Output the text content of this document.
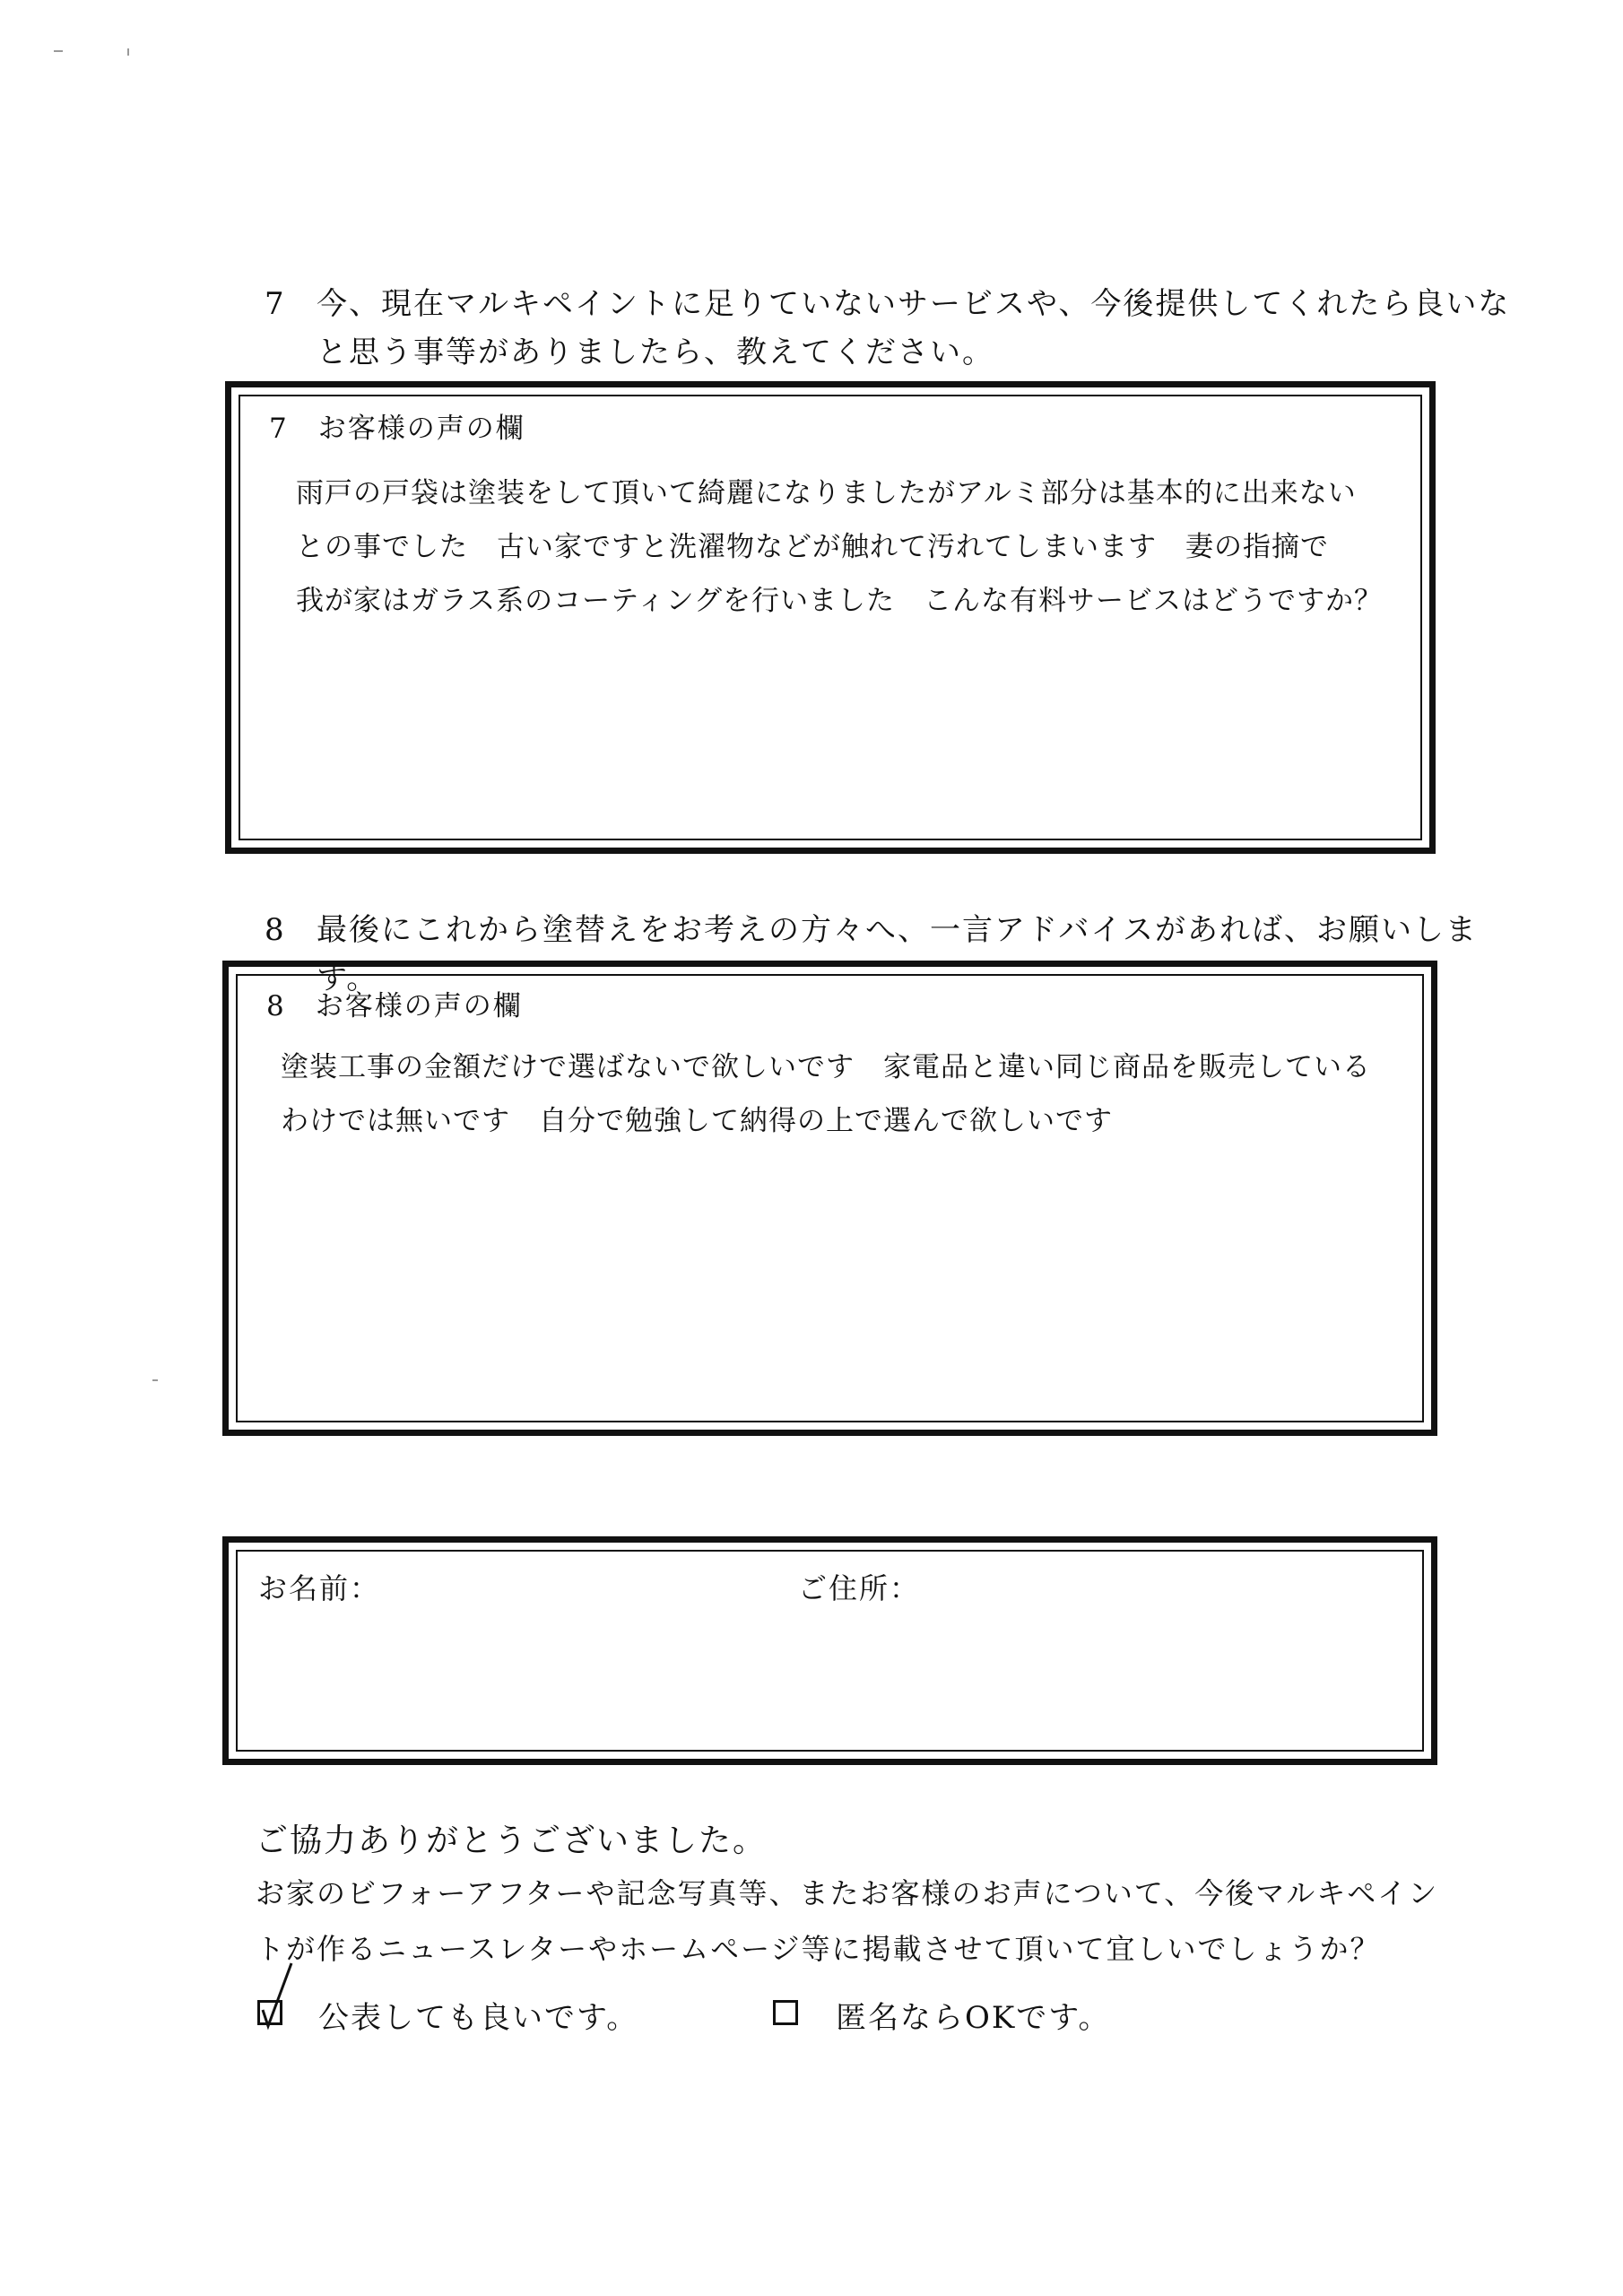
7 今、現在マルキペイントに足りていないサービスや、今後提供してくれたら良いな
と思う事等がありましたら、教えてください。
7　お客様の声の欄
雨戸の戸袋は塗装をして頂いて綺麗になりましたがアルミ部分は基本的に出来ない
との事でした　古い家ですと洗濯物などが触れて汚れてしまいます　妻の指摘で
我が家はガラス系のコーティングを行いました　こんな有料サービスはどうですか？
8 最後にこれから塗替えをお考えの方々へ、一言アドバイスがあれば、お願いします。
8　お客様の声の欄
塗装工事の金額だけで選ばないで欲しいです　家電品と違い同じ商品を販売している
わけでは無いです　自分で勉強して納得の上で選んで欲しいです
お名前：	ご住所：
ご協力ありがとうございました。
お家のビフォーアフターや記念写真等、またお客様のお声について、今後マルキペイン
トが作るニュースレターやホームページ等に掲載させて頂いて宜しいでしょうか？
公表しても良いです。	匿名ならOKです。
